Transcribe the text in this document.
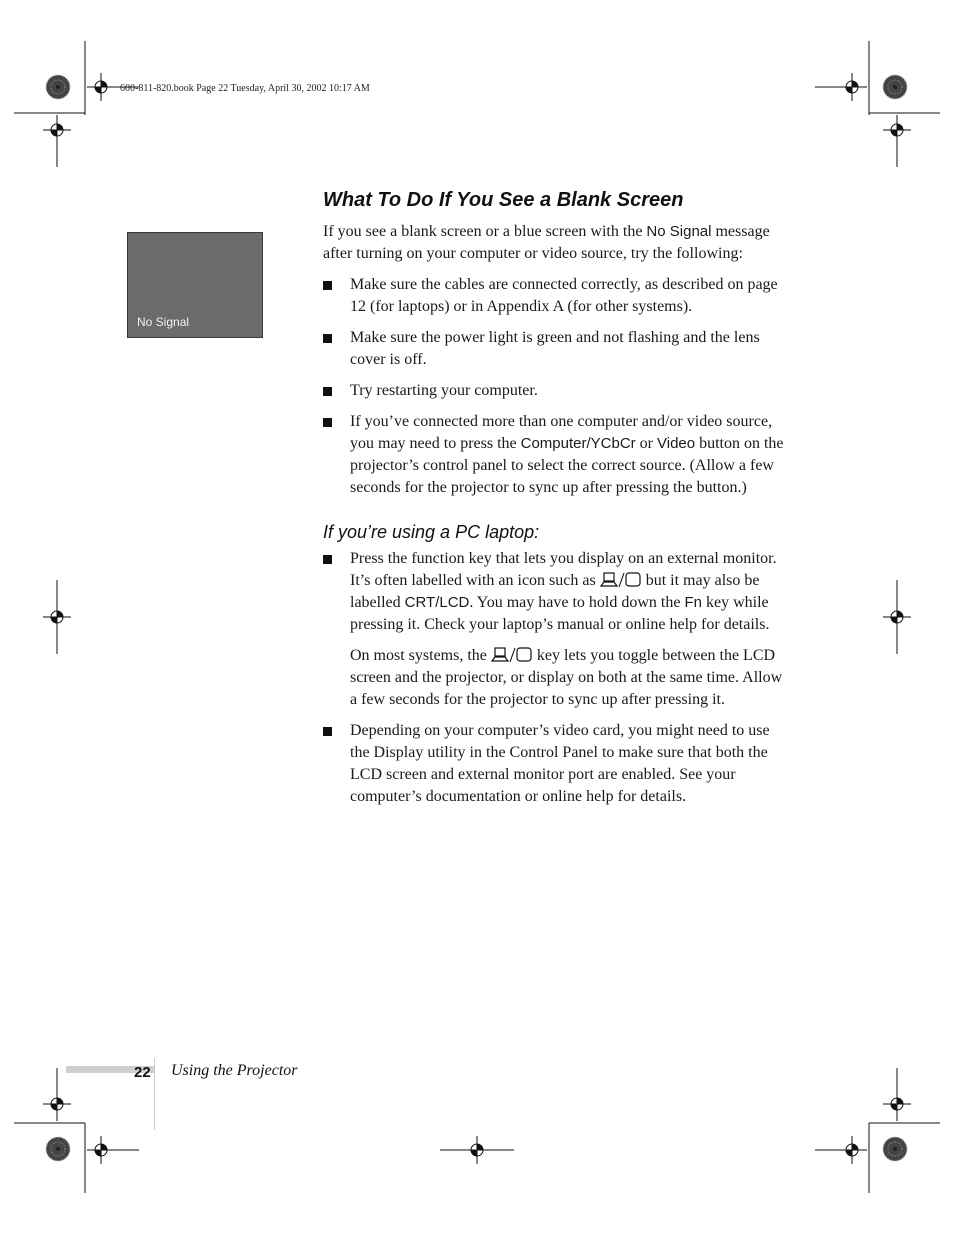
600-811-820.book Page 22 Tuesday, April 30, 2002 10:17 AM
What To Do If You See a Blank Screen
No Signal

If you see a blank screen or a blue screen with the No Signal message after turning on your computer or video source, try the following:

Make sure the cables are connected correctly, as described on page 12 (for laptops) or in Appendix A (for other systems).
Make sure the power light is green and not flashing and the lens cover is off.
Try restarting your computer.
If you’ve connected more than one computer and/or video source, you may need to press the Computer/YCbCr or Video button on the projector’s control panel to select the correct source. (Allow a few seconds for the projector to sync up after pressing the button.)
If you’re using a PC laptop:

Press the function key that lets you display on an external monitor. It’s often labelled with an icon such as	but it may also be labelled CRT/LCD. You may have to hold down the Fn key while pressing it. Check your laptop’s manual or online help for details.

On most systems, the	key lets you toggle between the LCD screen and the projector, or display on both at the same time. Allow a few seconds for the projector to sync up after pressing it.

Depending on your computer’s video card, you might need to use the Display utility in the Control Panel to make sure that both the LCD screen and external monitor port are enabled. See your computer’s documentation or online help for details.
22 Using the Projector
